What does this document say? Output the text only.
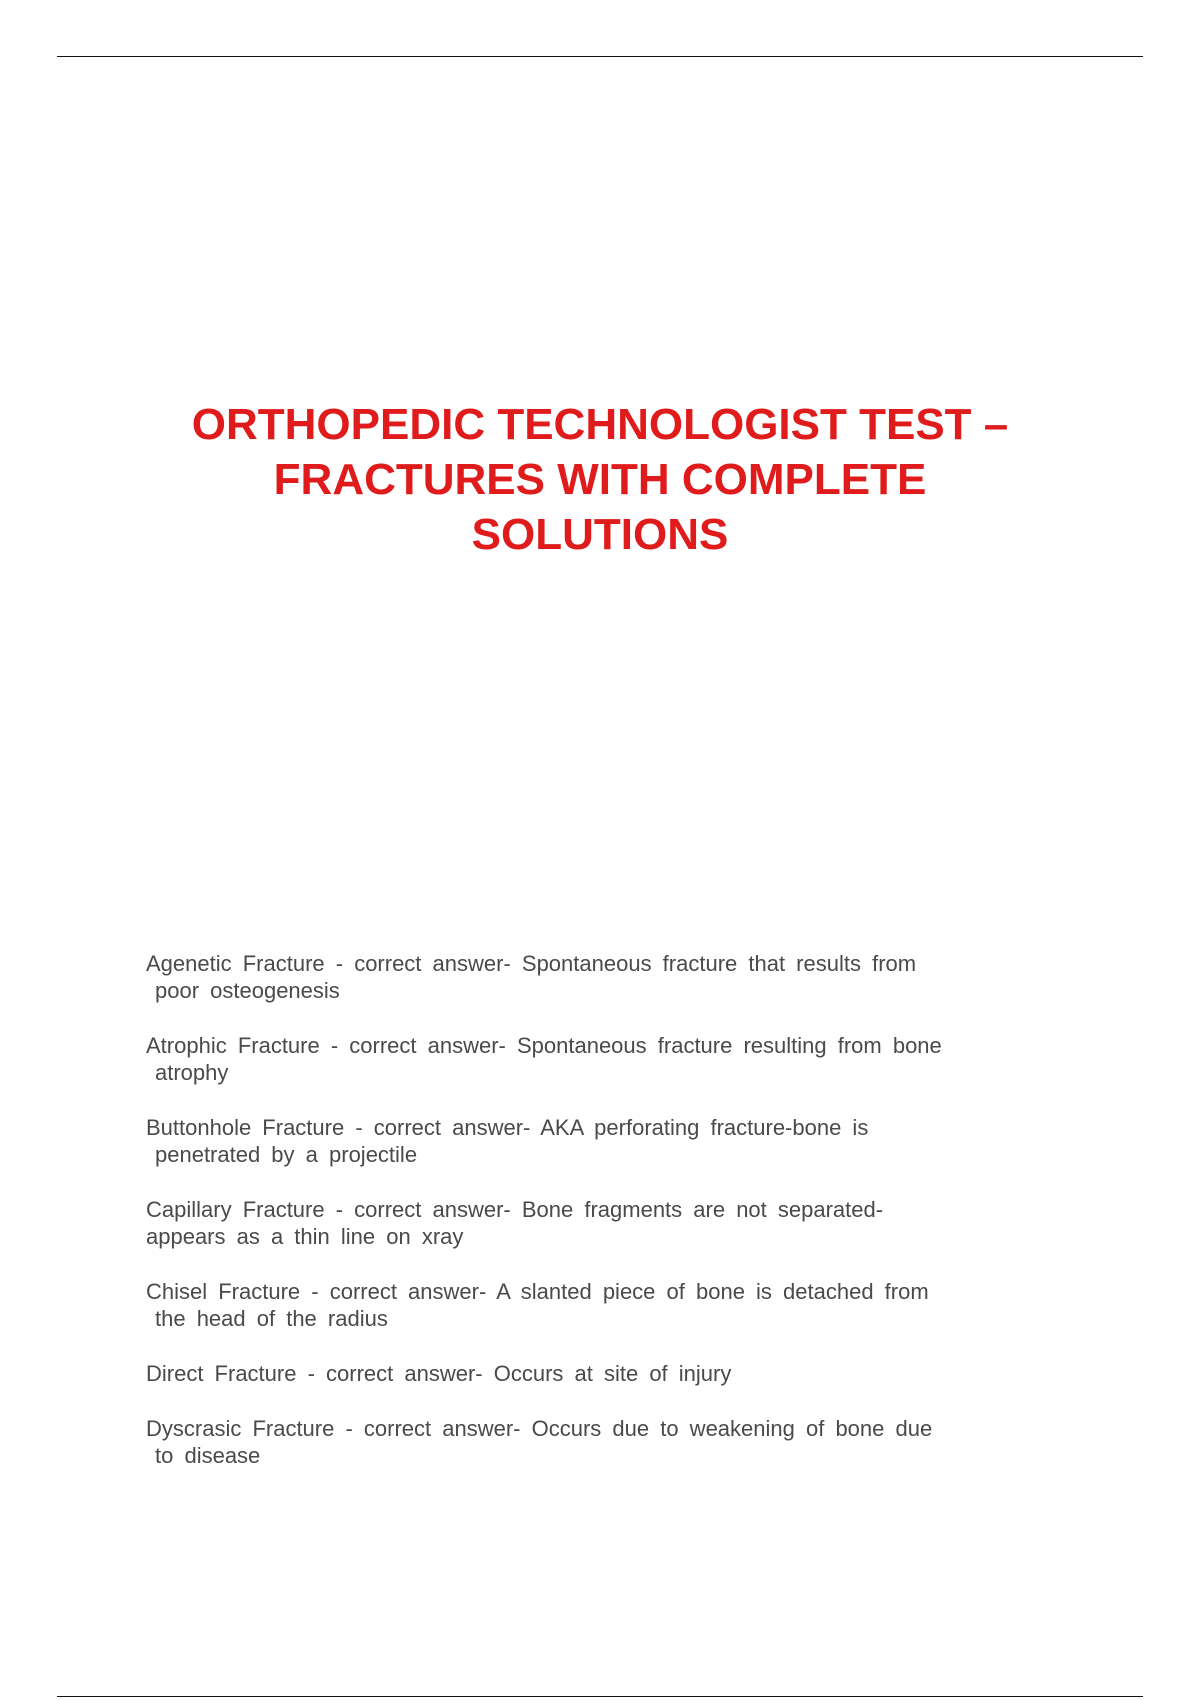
ORTHOPEDIC TECHNOLOGIST TEST –
FRACTURES WITH COMPLETE
SOLUTIONS

Agenetic Fracture - correct answer- Spontaneous fracture that results from
poor osteogenesis

Atrophic Fracture - correct answer- Spontaneous fracture resulting from bone
atrophy

Buttonhole Fracture - correct answer- AKA perforating fracture-bone is
penetrated by a projectile

Capillary Fracture - correct answer- Bone fragments are not separated-
appears as a thin line on xray

Chisel Fracture - correct answer- A slanted piece of bone is detached from
the head of the radius

Direct Fracture - correct answer- Occurs at site of injury

Dyscrasic Fracture - correct answer- Occurs due to weakening of bone due
to disease
